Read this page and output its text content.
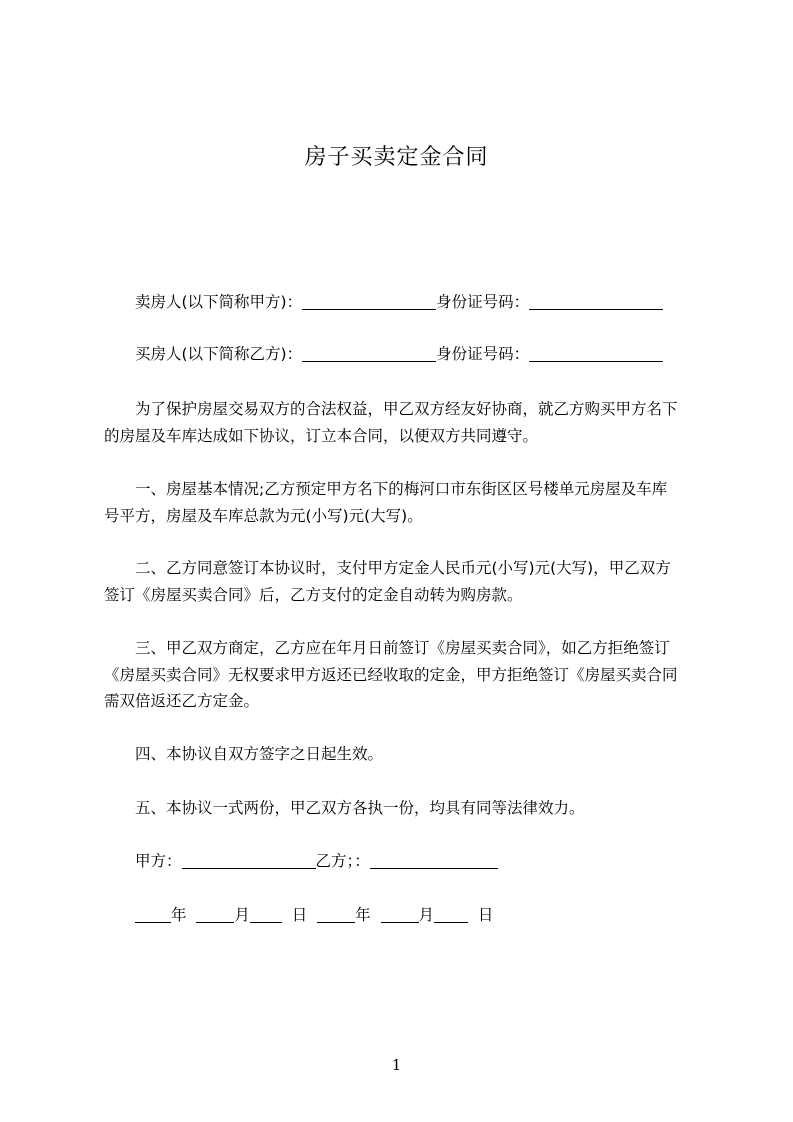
房子买卖定金合同
卖房人(以下简称甲方)：	身份证号码：
买房人(以下简称乙方)：	身份证号码：
为了保护房屋交易双方的合法权益，甲乙双方经友好协商，就乙方购买甲方名下
的房屋及车库达成如下协议，订立本合同，以便双方共同遵守。
一、房屋基本情况;乙方预定甲方名下的梅河口市东街区区号楼单元房屋及车库
号平方，房屋及车库总款为元(小写)元(大写)。
二、乙方同意签订本协议时，支付甲方定金人民币元(小写)元(大写)，甲乙双方
签订《房屋买卖合同》后，乙方支付的定金自动转为购房款。
三、甲乙双方商定，乙方应在年月日前签订《房屋买卖合同》，如乙方拒绝签订
《房屋买卖合同》无权要求甲方返还已经收取的定金，甲方拒绝签订《房屋买卖合同
需双倍返还乙方定金。
四、本协议自双方签字之日起生效。
五、本协议一式两份，甲乙双方各执一份，均具有同等法律效力。
甲方：	乙方；：
年	月	日	年	月	日
1
